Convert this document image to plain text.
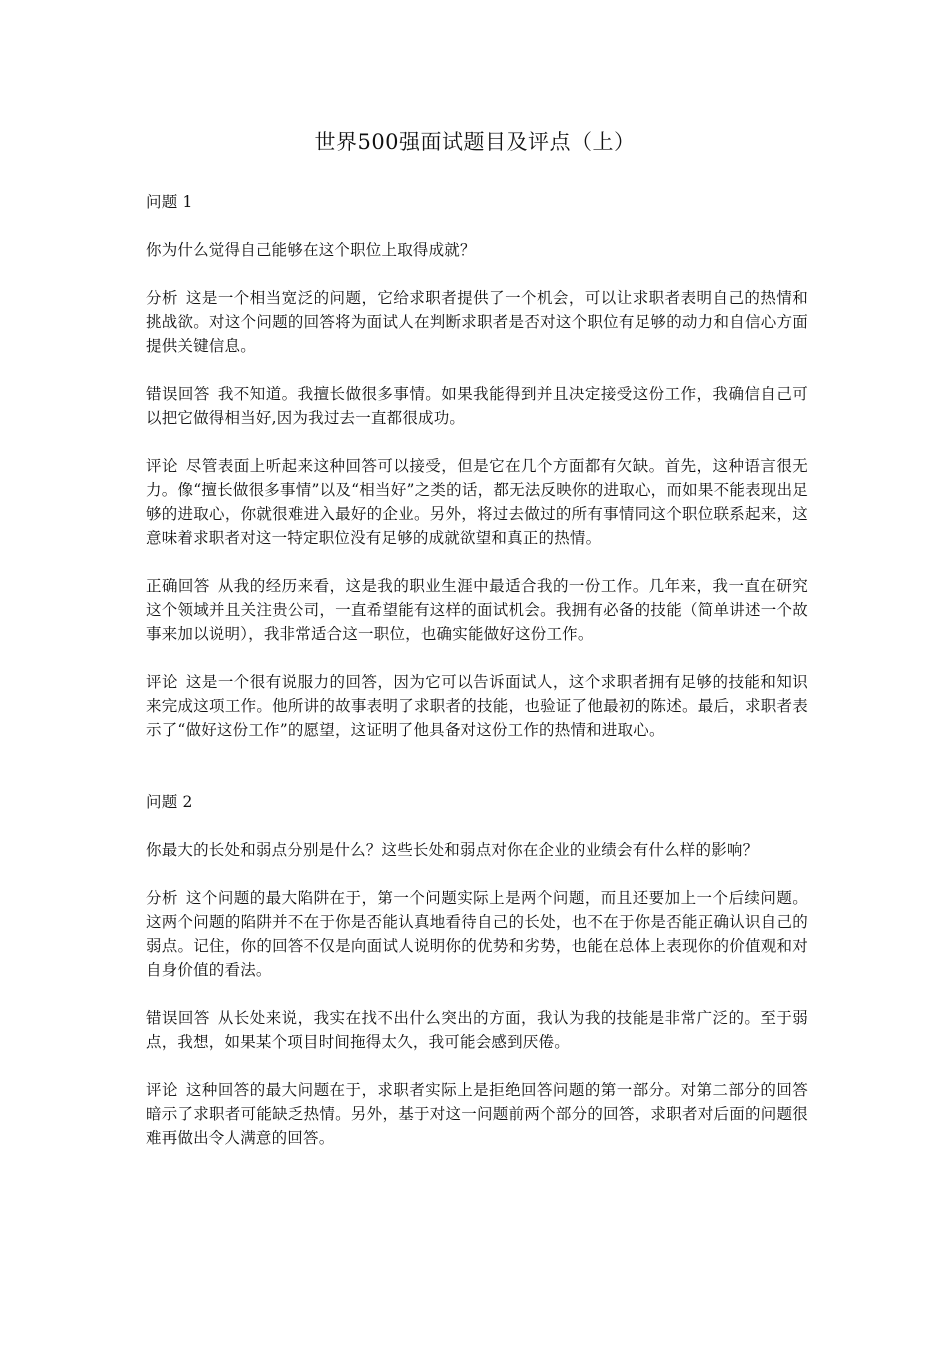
世界500强面试题目及评点（上）

问题 1

你为什么觉得自己能够在这个职位上取得成就？

分析 这是一个相当宽泛的问题，它给求职者提供了一个机会，可以让求职者表明自己的热情和挑战欲。对这个问题的回答将为面试人在判断求职者是否对这个职位有足够的动力和自信心方面提供关键信息。

错误回答 我不知道。我擅长做很多事情。如果我能得到并且决定接受这份工作，我确信自己可以把它做得相当好,因为我过去一直都很成功。

评论 尽管表面上听起来这种回答可以接受，但是它在几个方面都有欠缺。首先，这种语言很无力。像“擅长做很多事情”以及“相当好”之类的话，都无法反映你的进取心，而如果不能表现出足够的进取心，你就很难进入最好的企业。另外，将过去做过的所有事情同这个职位联系起来，这意味着求职者对这一特定职位没有足够的成就欲望和真正的热情。

正确回答 从我的经历来看，这是我的职业生涯中最适合我的一份工作。几年来，我一直在研究这个领域并且关注贵公司，一直希望能有这样的面试机会。我拥有必备的技能（简单讲述一个故事来加以说明），我非常适合这一职位，也确实能做好这份工作。

评论 这是一个很有说服力的回答，因为它可以告诉面试人，这个求职者拥有足够的技能和知识来完成这项工作。他所讲的故事表明了求职者的技能，也验证了他最初的陈述。最后，求职者表示了“做好这份工作”的愿望，这证明了他具备对这份工作的热情和进取心。

问题 2

你最大的长处和弱点分别是什么？这些长处和弱点对你在企业的业绩会有什么样的影响？

分析 这个问题的最大陷阱在于，第一个问题实际上是两个问题，而且还要加上一个后续问题。这两个问题的陷阱并不在于你是否能认真地看待自己的长处，也不在于你是否能正确认识自己的弱点。记住，你的回答不仅是向面试人说明你的优势和劣势，也能在总体上表现你的价值观和对自身价值的看法。

错误回答 从长处来说，我实在找不出什么突出的方面，我认为我的技能是非常广泛的。至于弱点，我想，如果某个项目时间拖得太久，我可能会感到厌倦。

评论 这种回答的最大问题在于，求职者实际上是拒绝回答问题的第一部分。对第二部分的回答暗示了求职者可能缺乏热情。另外，基于对这一问题前两个部分的回答，求职者对后面的问题很难再做出令人满意的回答。
